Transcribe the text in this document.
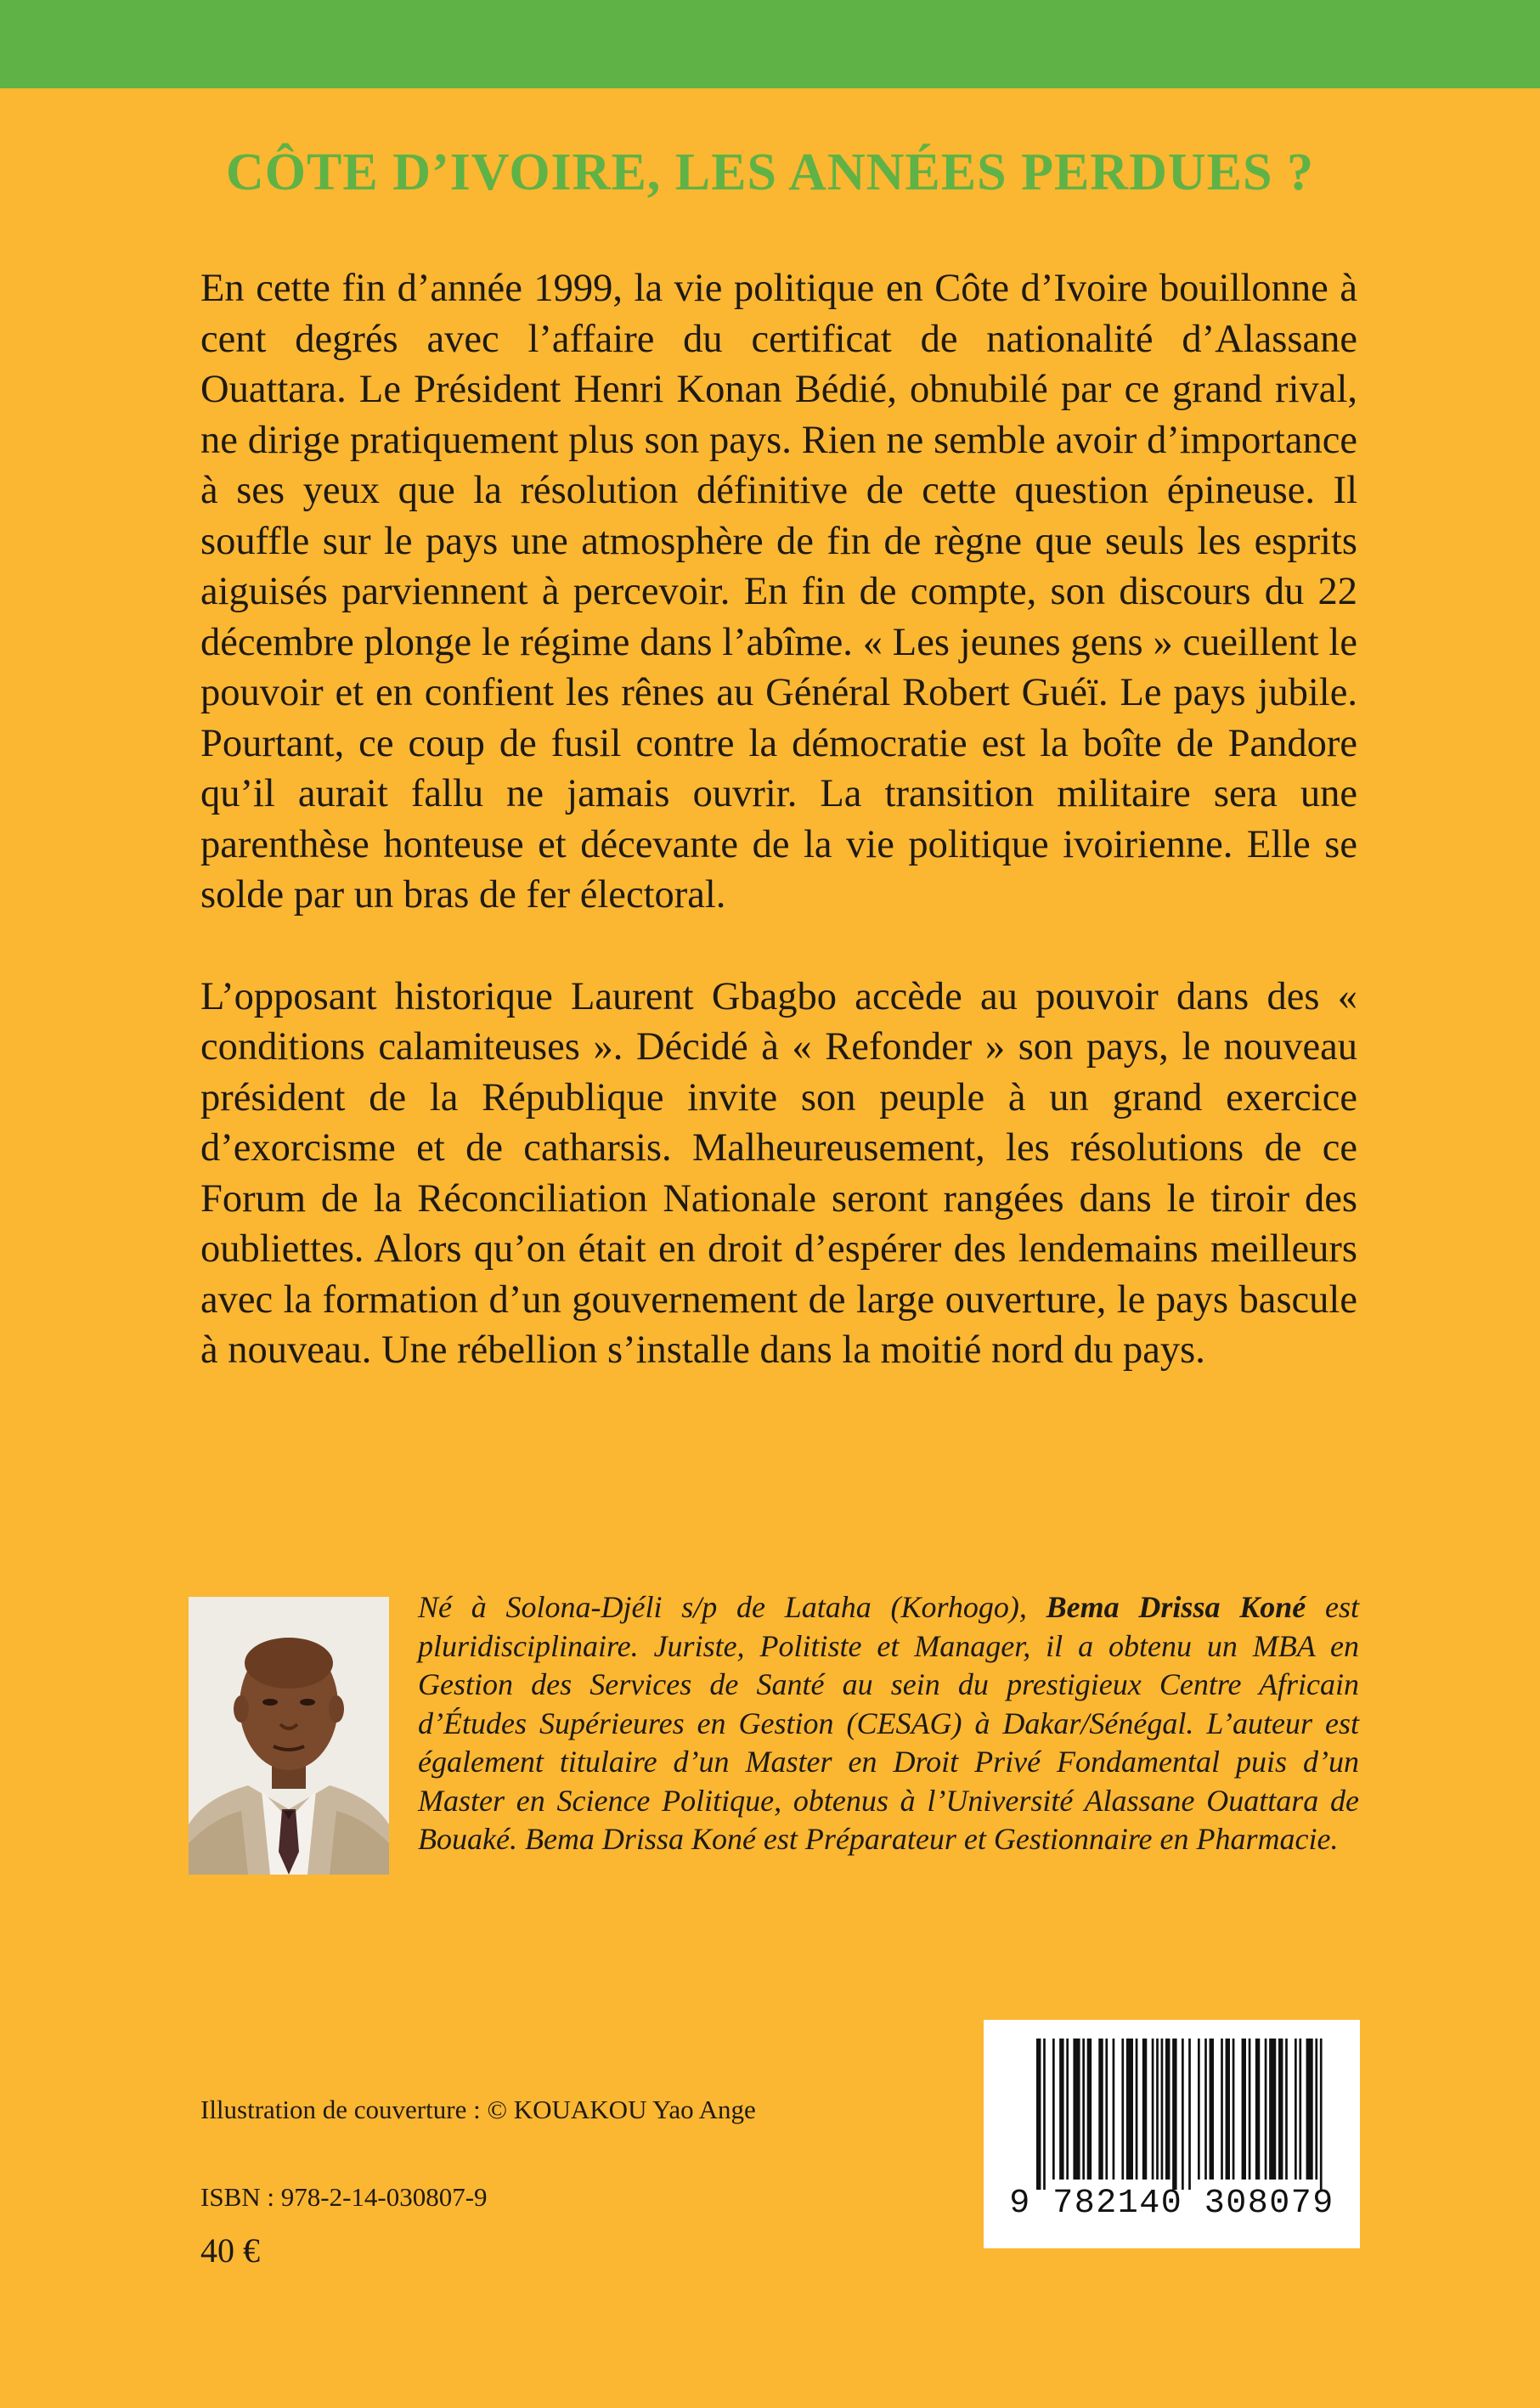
CÔTE D’IVOIRE, LES ANNÉES PERDUES ?

En cette fin d’année 1999, la vie politique en Côte d’Ivoire bouillonne à cent degrés avec l’affaire du certificat de nationalité d’Alassane Ouattara. Le Président Henri Konan Bédié, obnubilé par ce grand rival, ne dirige pratiquement plus son pays. Rien ne semble avoir d’importance à ses yeux que la résolution définitive de cette question épineuse. Il souffle sur le pays une atmosphère de fin de règne que seuls les esprits aiguisés parviennent à percevoir. En fin de compte, son discours du 22 décembre plonge le régime dans l’abîme. « Les jeunes gens » cueillent le pouvoir et en confient les rênes au Général Robert Guéï. Le pays jubile. Pourtant, ce coup de fusil contre la démocratie est la boîte de Pandore qu’il aurait fallu ne jamais ouvrir. La transition militaire sera une parenthèse honteuse et décevante de la vie politique ivoirienne. Elle se solde par un bras de fer électoral.

L’opposant historique Laurent Gbagbo accède au pouvoir dans des « conditions calamiteuses ». Décidé à « Refonder » son pays, le nouveau président de la République invite son peuple à un grand exercice d’exorcisme et de catharsis. Malheureusement, les résolutions de ce Forum de la Réconciliation Nationale seront rangées dans le tiroir des oubliettes. Alors qu’on était en droit d’espérer des lendemains meilleurs avec la formation d’un gouvernement de large ouverture, le pays bascule à nouveau. Une rébellion s’installe dans la moitié nord du pays.

Né à Solona-Djéli s/p de Lataha (Korhogo), Bema Drissa Koné est pluridisciplinaire. Juriste, Politiste et Manager, il a obtenu un MBA en Gestion des Services de Santé au sein du prestigieux Centre Africain d’Études Supérieures en Gestion (CESAG) à Dakar/Sénégal. L’auteur est également titulaire d’un Master en Droit Privé Fondamental puis d’un Master en Science Politique, obtenus à l’Université Alassane Ouattara de Bouaké. Bema Drissa Koné est Préparateur et Gestionnaire en Pharmacie.

Illustration de couverture : © KOUAKOU Yao Ange

ISBN : 978-2-14-030807-9

40 €

9 782140 308079
